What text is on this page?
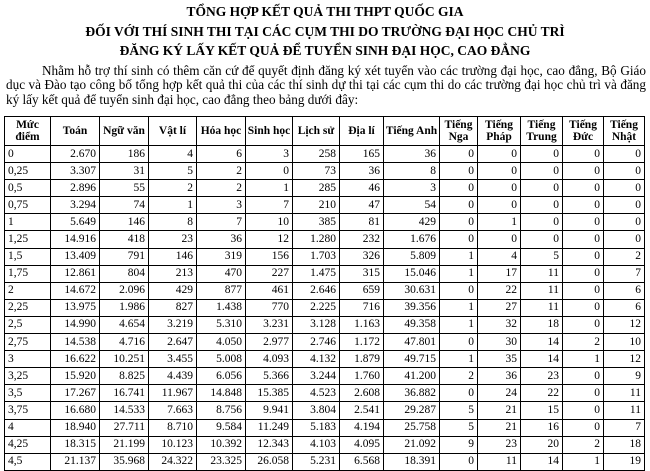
TỔNG HỢP KẾT QUẢ THI THPT QUỐC GIA
ĐỐI VỚI THÍ SINH THI TẠI CÁC CỤM THI DO TRƯỜNG ĐẠI HỌC CHỦ TRÌ
ĐĂNG KÝ LẤY KẾT QUẢ ĐỂ TUYỂN SINH ĐẠI HỌC, CAO ĐẲNG

Nhằm hỗ trợ thí sinh có thêm căn cứ để quyết định đăng ký xét tuyển vào các trường đại học, cao đẳng, Bộ Giáo dục và Đào tạo công bố tổng hợp kết quả thi của các thí sinh dự thi tại các cụm thi do các trường đại học chủ trì và đăng ký lấy kết quả để tuyển sinh đại học, cao đẳng theo bảng dưới đây:

Mức điểm	Toán	Ngữ văn	Vật lí	Hóa học	Sinh học	Lịch sử	Địa lí	Tiếng Anh	Tiếng Nga	Tiếng Pháp	Tiếng Trung	Tiếng Đức	Tiếng Nhật
0	2.670	186	4	6	3	258	165	36	0	0	0	0	0
0,25	3.307	31	5	2	0	73	36	8	0	0	0	0	0
0,5	2.896	55	2	2	1	285	46	3	0	0	0	0	0
0,75	3.294	74	1	3	7	210	47	54	0	0	0	0	0
1	5.649	146	8	7	10	385	81	429	0	1	0	0	0
1,25	14.916	418	23	36	12	1.280	232	1.676	0	0	0	0	0
1,5	13.409	791	146	319	156	1.703	326	5.809	1	4	5	0	2
1,75	12.861	804	213	470	227	1.475	315	15.046	1	17	11	0	7
2	14.672	2.096	429	877	461	2.646	659	30.631	0	22	11	0	6
2,25	13.975	1.986	827	1.438	770	2.225	716	39.356	1	27	11	0	6
2,5	14.990	4.654	3.219	5.310	3.231	3.128	1.163	49.358	1	32	18	0	12
2,75	14.538	4.716	2.647	4.050	2.977	2.746	1.172	47.801	0	30	14	2	10
3	16.622	10.251	3.455	5.008	4.093	4.132	1.879	49.715	1	35	14	1	12
3,25	15.920	8.825	4.439	6.056	5.366	3.244	1.760	41.200	2	36	23	0	9
3,5	17.267	16.741	11.967	14.848	15.385	4.523	2.608	36.882	0	24	22	0	11
3,75	16.680	14.533	7.663	8.756	9.941	3.804	2.541	29.287	5	21	15	0	11
4	18.940	27.711	8.710	9.584	11.249	5.183	4.194	25.758	5	21	16	0	7
4,25	18.315	21.199	10.123	10.392	12.343	4.103	4.095	21.092	9	23	20	2	18
4,5	21.137	35.968	24.322	23.325	26.058	5.231	6.568	18.391	0	11	14	1	19
